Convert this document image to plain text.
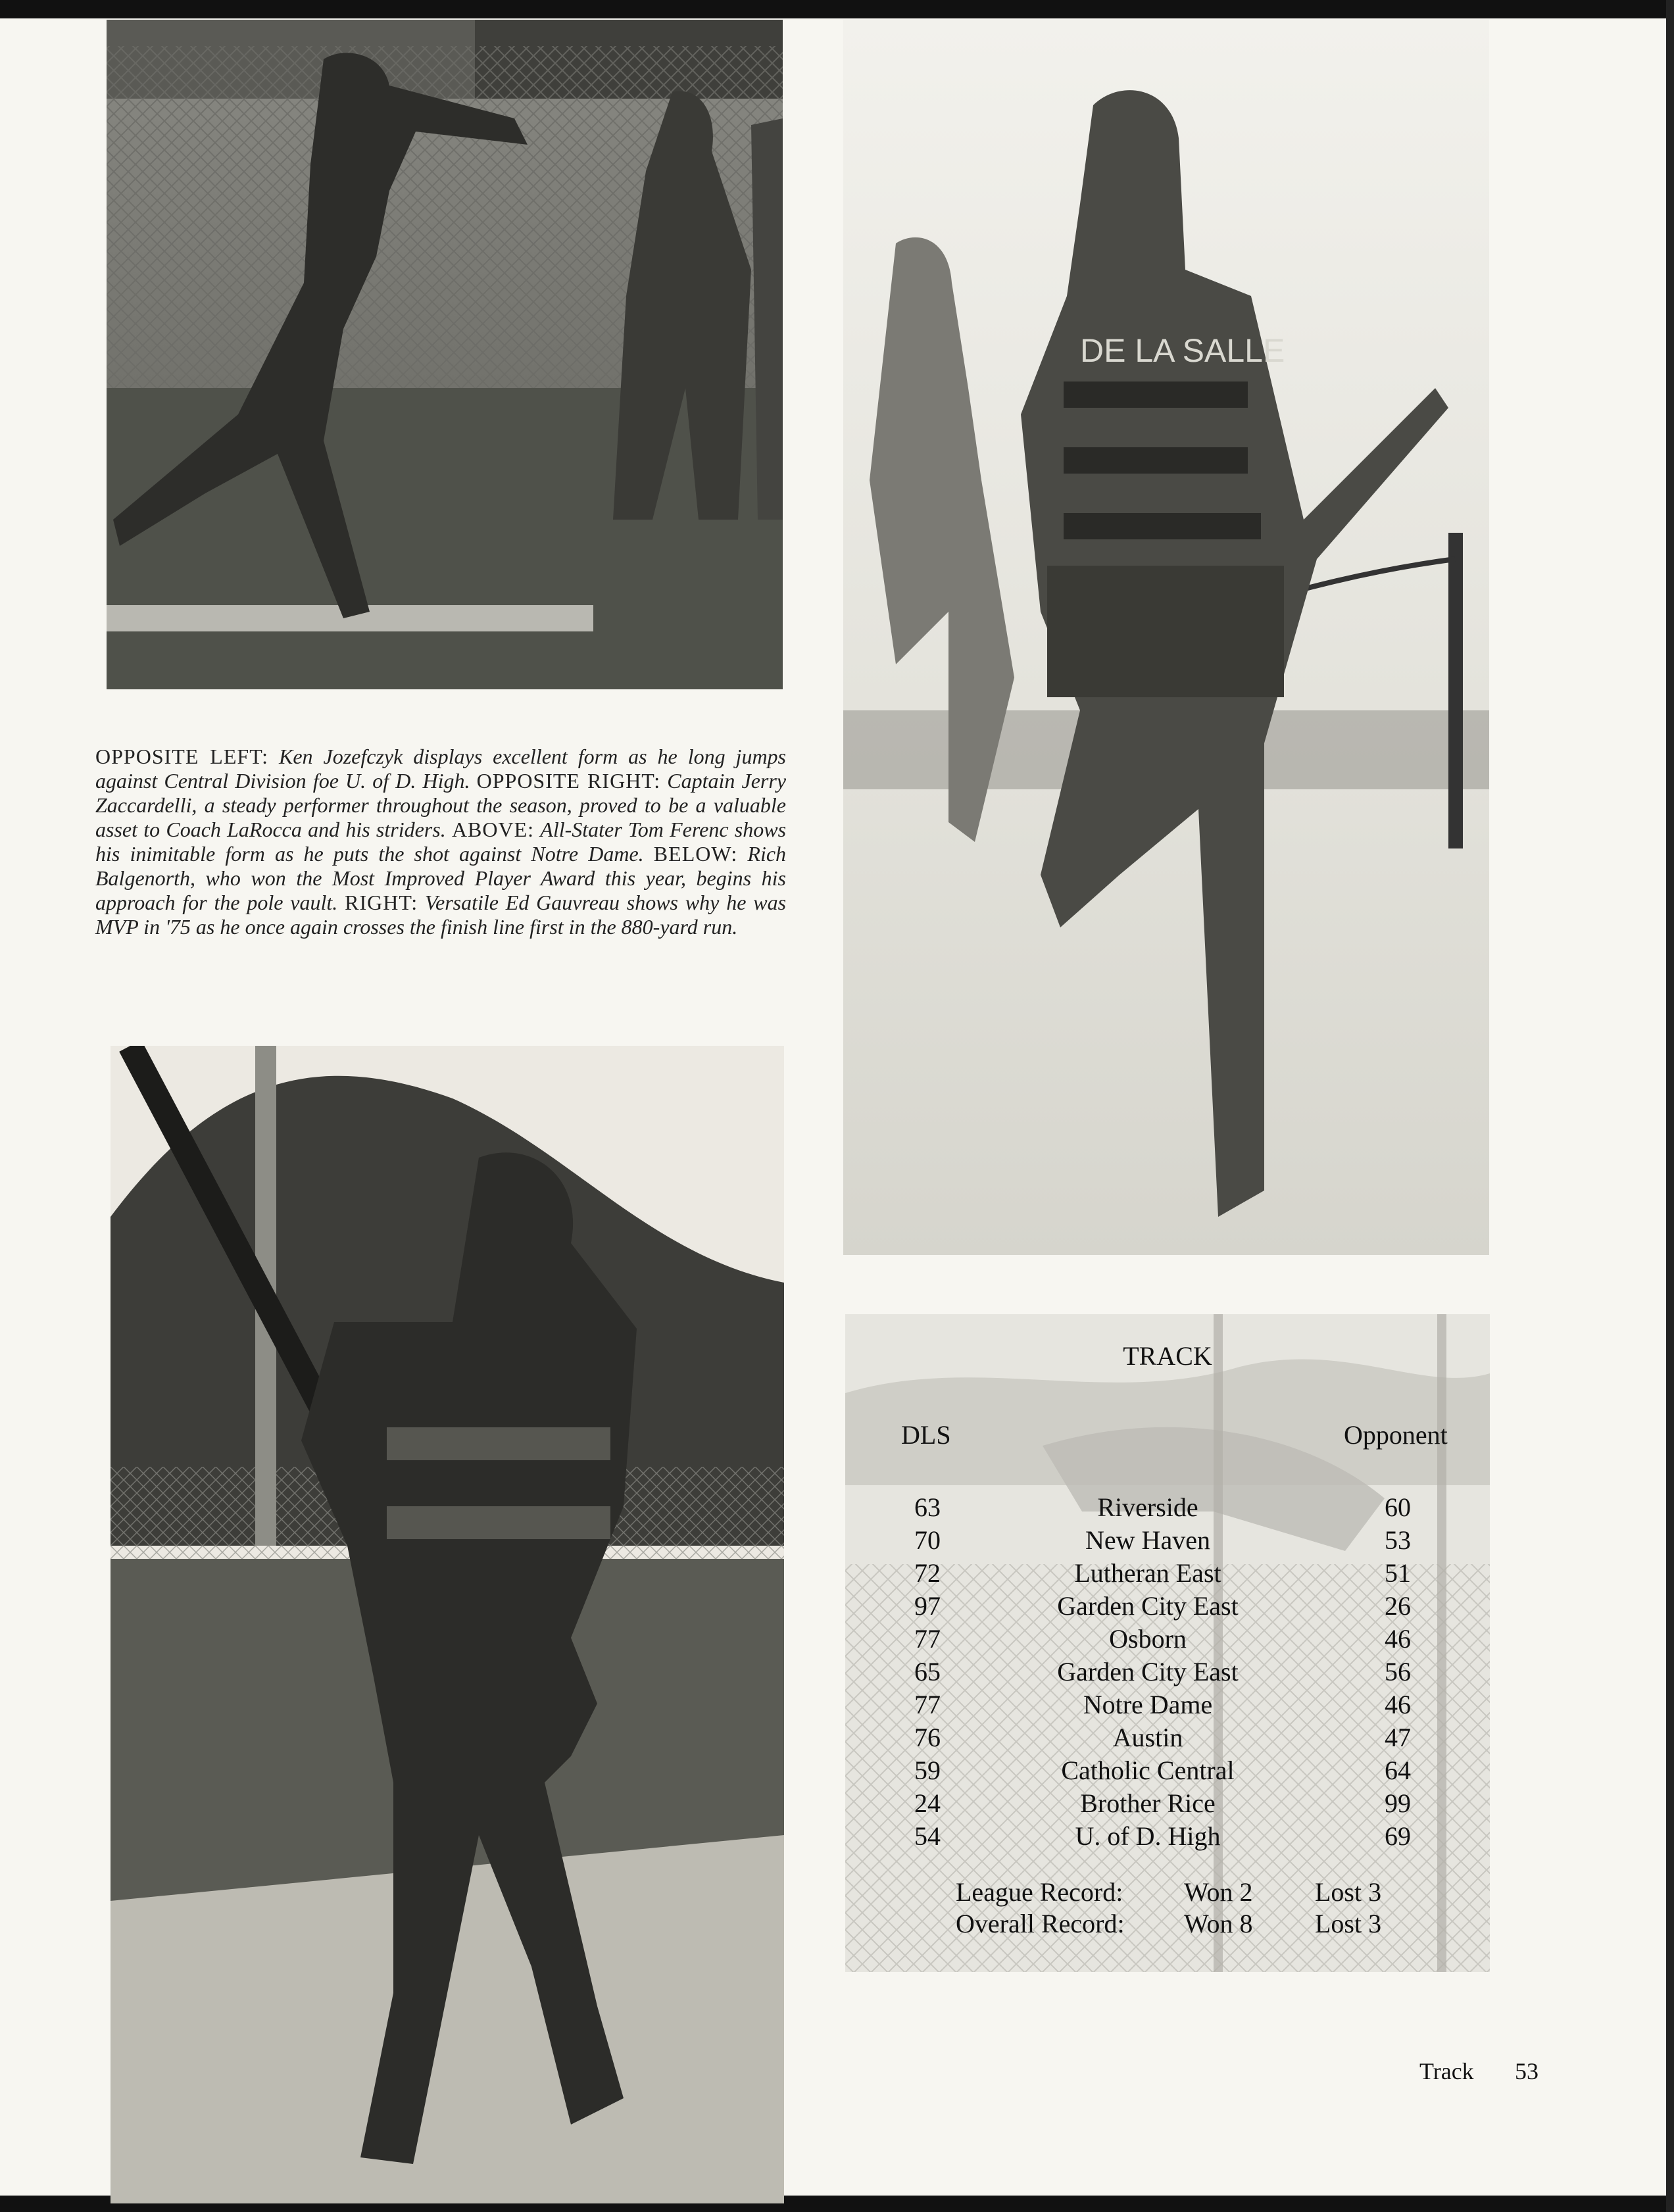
DE LA SALLE
OPPOSITE LEFT: Ken Jozefczyk displays excellent form as he long jumps against Central Division foe U. of D. High. OPPOSITE RIGHT: Captain Jerry Zaccardelli, a steady performer throughout the season, proved to be a valuable asset to Coach LaRocca and his striders. ABOVE: All-Stater Tom Ferenc shows his inimitable form as he puts the shot against Notre Dame. BELOW: Rich Balgenorth, who won the Most Improved Player Award this year, begins his approach for the pole vault. RIGHT: Versatile Ed Gauvreau shows why he was MVP in '75 as he once again crosses the finish line first in the 880-yard run.
TRACK
DLS	Opponent
63	Riverside	60
70	New Haven	53
72	Lutheran East	51
97	Garden City East	26
77	Osborn	46
65	Garden City East	56
77	Notre Dame	46
76	Austin	47
59	Catholic Central	64
24	Brother Rice	99
54	U. of D. High	69
League Record: Won 2 Lost 3
Overall Record: Won 8 Lost 3
Track 53
